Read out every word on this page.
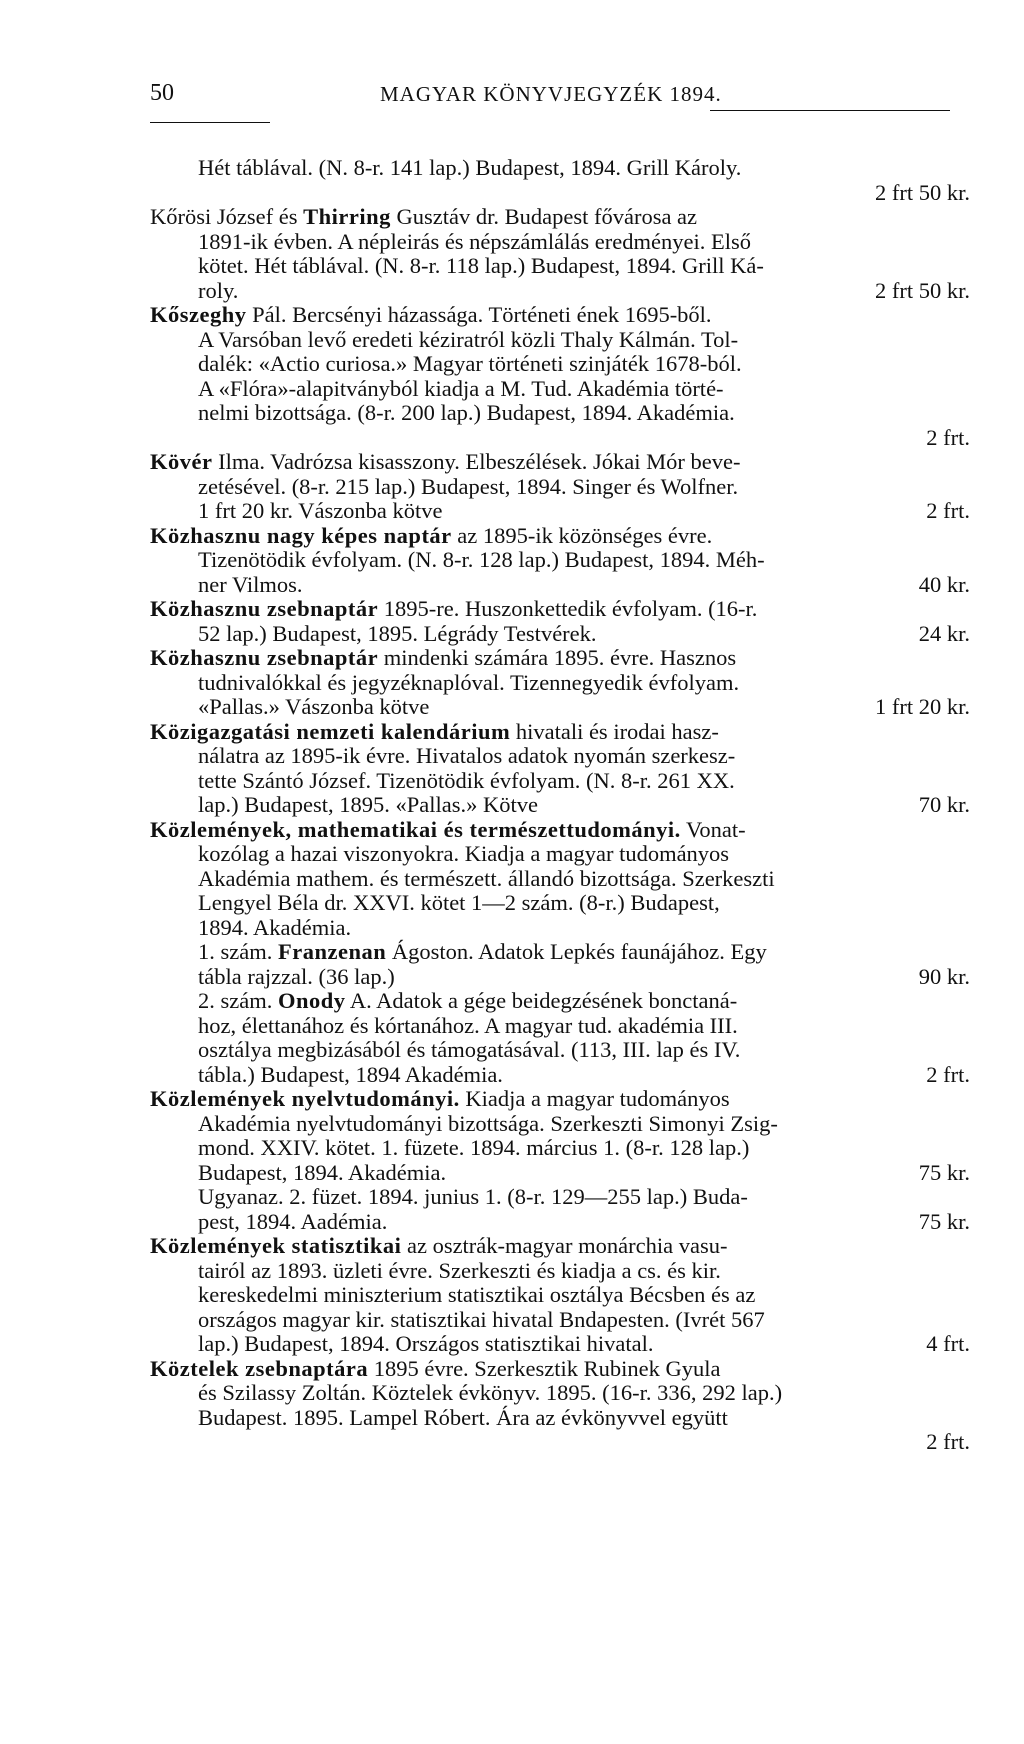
50	MAGYAR KÖNYVJEGYZÉK 1894.
Hét táblával. (N. 8-r. 141 lap.) Budapest, 1894. Grill Károly.
2 frt 50 kr.
Kőrösi József és Thirring Gusztáv dr. Budapest fővárosa az
1891-ik évben. A népleirás és népszámlálás eredményei. Első
kötet. Hét táblával. (N. 8-r. 118 lap.) Budapest, 1894. Grill Ká-
roly.	2 frt 50 kr.
Kőszeghy Pál. Bercsényi házassága. Történeti ének 1695-ből.
A Varsóban levő eredeti kéziratról közli Thaly Kálmán. Tol-
dalék: «Actio curiosa.» Magyar történeti szinjáték 1678-ból.
A «Flóra»-alapitványból kiadja a M. Tud. Akadémia törté-
nelmi bizottsága. (8-r. 200 lap.) Budapest, 1894. Akadémia.
2 frt.
Kövér Ilma. Vadrózsa kisasszony. Elbeszélések. Jókai Mór beve-
zetésével. (8-r. 215 lap.) Budapest, 1894. Singer és Wolfner.
1 frt 20 kr. Vászonba kötve	2 frt.
Közhasznu nagy képes naptár az 1895-ik közönséges évre.
Tizenötödik évfolyam. (N. 8-r. 128 lap.) Budapest, 1894. Méh-
ner Vilmos.	40 kr.
Közhasznu zsebnaptár 1895-re. Huszonkettedik évfolyam. (16-r.
52 lap.) Budapest, 1895. Légrády Testvérek.	24 kr.
Közhasznu zsebnaptár mindenki számára 1895. évre. Hasznos
tudnivalókkal és jegyzéknaplóval. Tizennegyedik évfolyam.
«Pallas.» Vászonba kötve	1 frt 20 kr.
Közigazgatási nemzeti kalendárium hivatali és irodai hasz-
nálatra az 1895-ik évre. Hivatalos adatok nyomán szerkesz-
tette Szántó József. Tizenötödik évfolyam. (N. 8-r. 261 XX.
lap.) Budapest, 1895. «Pallas.» Kötve	70 kr.
Közlemények, mathematikai és természettudományi. Vonat-
kozólag a hazai viszonyokra. Kiadja a magyar tudományos
Akadémia mathem. és természett. állandó bizottsága. Szerkeszti
Lengyel Béla dr. XXVI. kötet 1—2 szám. (8-r.) Budapest,
1894. Akadémia.
1. szám. Franzenan Ágoston. Adatok Lepkés faunájához. Egy
tábla rajzzal. (36 lap.)	90 kr.
2. szám. Onody A. Adatok a gége beidegzésének bonctaná-
hoz, élettanához és kórtanához. A magyar tud. akadémia III.
osztálya megbizásából és támogatásával. (113, III. lap és IV.
tábla.) Budapest, 1894 Akadémia.	2 frt.
Közlemények nyelvtudományi. Kiadja a magyar tudományos
Akadémia nyelvtudományi bizottsága. Szerkeszti Simonyi Zsig-
mond. XXIV. kötet. 1. füzete. 1894. március 1. (8-r. 128 lap.)
Budapest, 1894. Akadémia.	75 kr.
Ugyanaz. 2. füzet. 1894. junius 1. (8-r. 129—255 lap.) Buda-
pest, 1894. Aadémia.	75 kr.
Közlemények statisztikai az osztrák-magyar monárchia vasu-
tairól az 1893. üzleti évre. Szerkeszti és kiadja a cs. és kir.
kereskedelmi miniszterium statisztikai osztálya Bécsben és az
országos magyar kir. statisztikai hivatal Bndapesten. (Ivrét 567
lap.) Budapest, 1894. Országos statisztikai hivatal.	4 frt.
Köztelek zsebnaptára 1895 évre. Szerkesztik Rubinek Gyula
és Szilassy Zoltán. Köztelek évkönyv. 1895. (16-r. 336, 292 lap.)
Budapest. 1895. Lampel Róbert. Ára az évkönyvvel együtt
2 frt.
